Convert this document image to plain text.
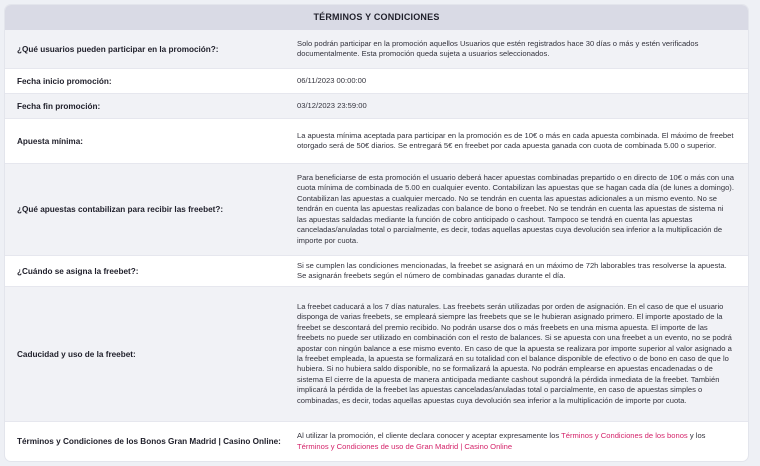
TÉRMINOS Y CONDICIONES
¿Qué usuarios pueden participar en la promoción?:
Solo podrán participar en la promoción aquellos Usuarios que estén registrados hace 30 días o más y estén verificados documentalmente. Esta promoción queda sujeta a usuarios seleccionados.
Fecha inicio promoción:	06/11/2023 00:00:00
Fecha fin promoción:	03/12/2023 23:59:00
Apuesta mínima:
La apuesta mínima aceptada para participar en la promoción es de 10€ o más en cada apuesta combinada. El máximo de freebet otorgado será de 50€ diarios. Se entregará 5€ en freebet por cada apuesta ganada con cuota de combinada 5.00 o superior.
¿Qué apuestas contabilizan para recibir las freebet?:
Para beneficiarse de esta promoción el usuario deberá hacer apuestas combinadas prepartido o en directo de 10€ o más con una cuota mínima de combinada de 5.00 en cualquier evento. Contabilizan las apuestas que se hagan cada día (de lunes a domingo). Contabilizan las apuestas a cualquier mercado. No se tendrán en cuenta las apuestas adicionales a un mismo evento. No se tendrán en cuenta las apuestas realizadas con balance de bono o freebet. No se tendrán en cuenta las apuestas de sistema ni las apuestas saldadas mediante la función de cobro anticipado o cashout. Tampoco se tendrá en cuenta las apuestas canceladas/anuladas total o parcialmente, es decir, todas aquellas apuestas cuya devolución sea inferior a la multiplicación de importe por cuota.
¿Cuándo se asigna la freebet?:
Si se cumplen las condiciones mencionadas, la freebet se asignará en un máximo de 72h laborables tras resolverse la apuesta. Se asignarán freebets según el número de combinadas ganadas durante el día.
Caducidad y uso de la freebet:
La freebet caducará a los 7 días naturales. Las freebets serán utilizadas por orden de asignación. En el caso de que el usuario disponga de varias freebets, se empleará siempre las freebets que se le hubieran asignado primero. El importe apostado de la freebet se descontará del premio recibido. No podrán usarse dos o más freebets en una misma apuesta. El importe de las freebets no puede ser utilizado en combinación con el resto de balances. Si se apuesta con una freebet a un evento, no se podrá apostar con ningún balance a ese mismo evento. En caso de que la apuesta se realizara por importe superior al valor asignado a la freebet empleada, la apuesta se formalizará en su totalidad con el balance disponible de efectivo o de bono en caso de que lo hubiera. Si no hubiera saldo disponible, no se formalizará la apuesta. No podrán emplearse en apuestas encadenadas o de sistema El cierre de la apuesta de manera anticipada mediante cashout supondrá la pérdida inmediata de la freebet. También implicará la pérdida de la freebet las apuestas canceladas/anuladas total o parcialmente, en caso de apuestas simples o combinadas, es decir, todas aquellas apuestas cuya devolución sea inferior a la multiplicación de importe por cuota.
Términos y Condiciones de los Bonos Gran Madrid | Casino Online:
Al utilizar la promoción, el cliente declara conocer y aceptar expresamente los Términos y Condiciones de los bonos y los Términos y Condiciones de uso de Gran Madrid | Casino Online
